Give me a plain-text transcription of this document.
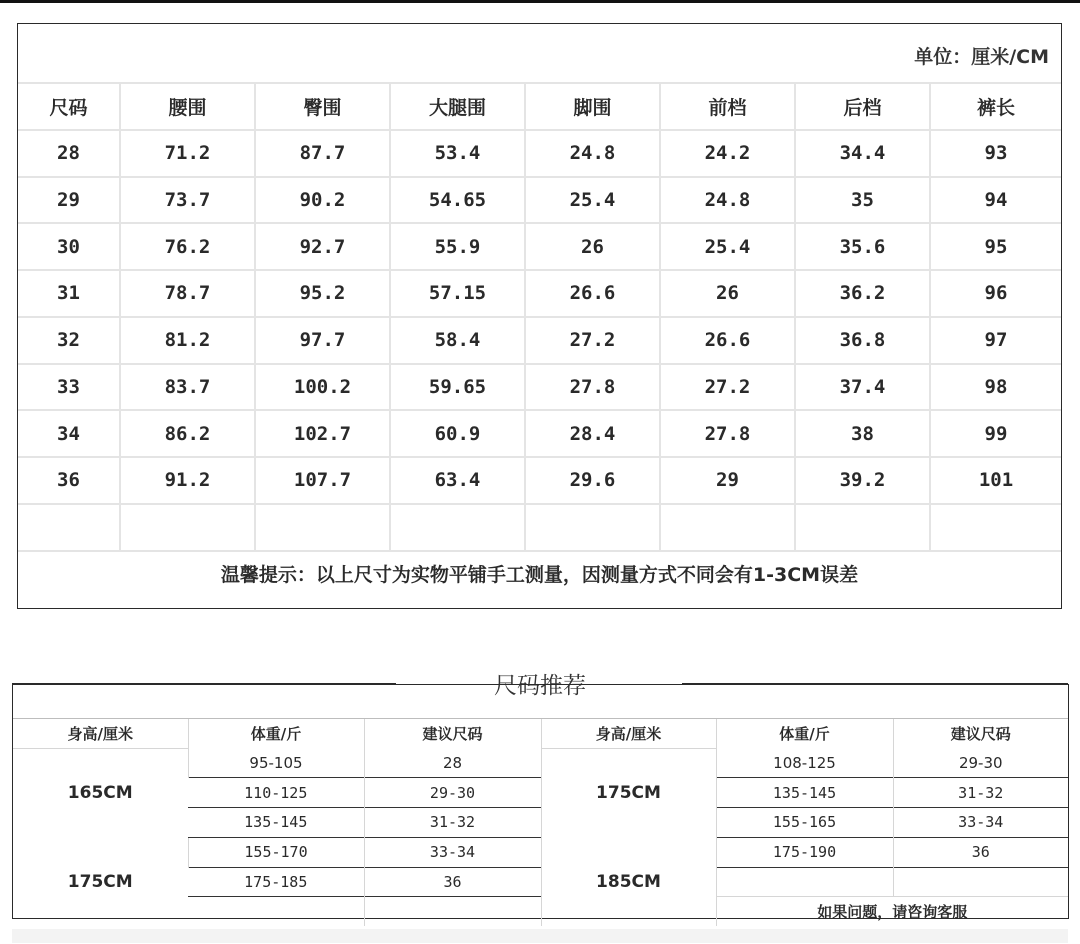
单位：厘米/CM
尺码	腰围	臀围	大腿围	脚围	前档	后档	裤长
28	71.2	87.7	53.4	24.8	24.2	34.4	93
29	73.7	90.2	54.65	25.4	24.8	35	94
30	76.2	92.7	55.9	26	25.4	35.6	95
31	78.7	95.2	57.15	26.6	26	36.2	96
32	81.2	97.7	58.4	27.2	26.6	36.8	97
33	83.7	100.2	59.65	27.8	27.2	37.4	98
34	86.2	102.7	60.9	28.4	27.8	38	99
36	91.2	107.7	63.4	29.6	29	39.2	101

温馨提示：以上尺寸为实物平铺手工测量，因测量方式不同会有1-3CM误差
尺码推荐
身高/厘米	体重/斤	建议尺码	身高/厘米	体重/斤	建议尺码
165CM	95-105	28	175CM	108-125	29-30
	110-125	29-30		135-145	31-32
	135-145	31-32		155-165	33-34
175CM	155-170	33-34	185CM	175-190	36
	175-185	36			
				如果问题，请咨询客服	
